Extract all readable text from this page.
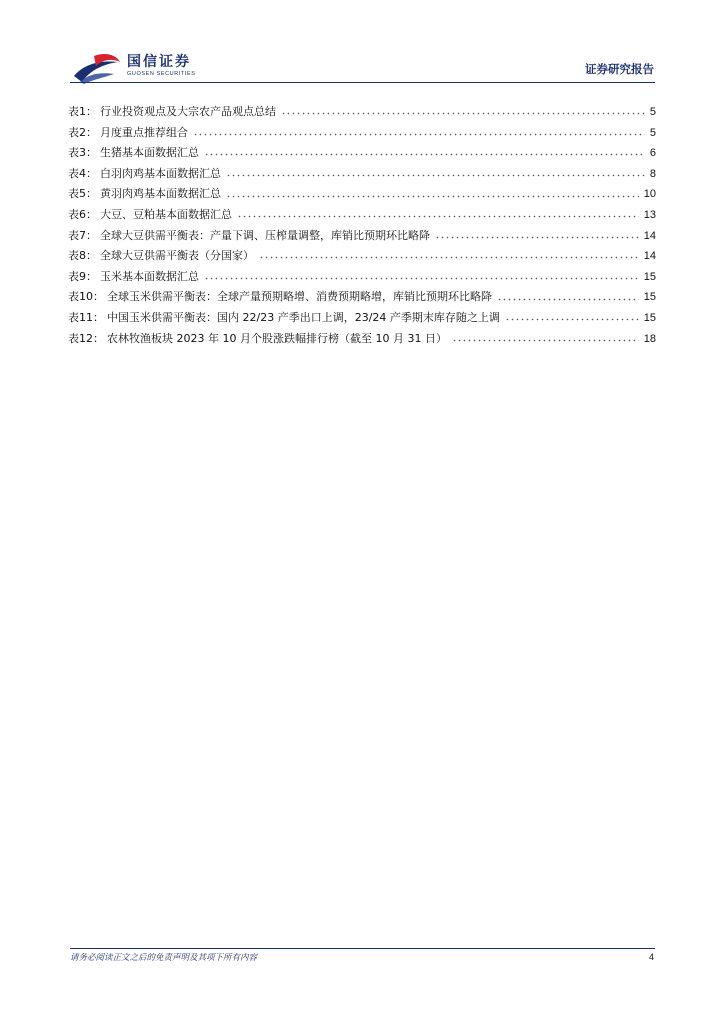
国信证券
GUOSEN SECURITIES	证券研究报告
表1： 行业投资观点及大宗农产品观点总结	5
表2： 月度重点推荐组合	5
表3： 生猪基本面数据汇总	6
表4： 白羽肉鸡基本面数据汇总	8
表5： 黄羽肉鸡基本面数据汇总	10
表6： 大豆、豆粕基本面数据汇总	13
表7： 全球大豆供需平衡表：产量下调、压榨量调整，库销比预期环比略降	14
表8： 全球大豆供需平衡表（分国家）	14
表9： 玉米基本面数据汇总	15
表10： 全球玉米供需平衡表：全球产量预期略增、消费预期略增，库销比预期环比略降	15
表11： 中国玉米供需平衡表：国内 22/23 产季出口上调，23/24 产季期末库存随之上调	15
表12： 农林牧渔板块 2023 年 10 月个股涨跌幅排行榜（截至 10 月 31 日）	18
请务必阅读正文之后的免责声明及其项下所有内容	4
